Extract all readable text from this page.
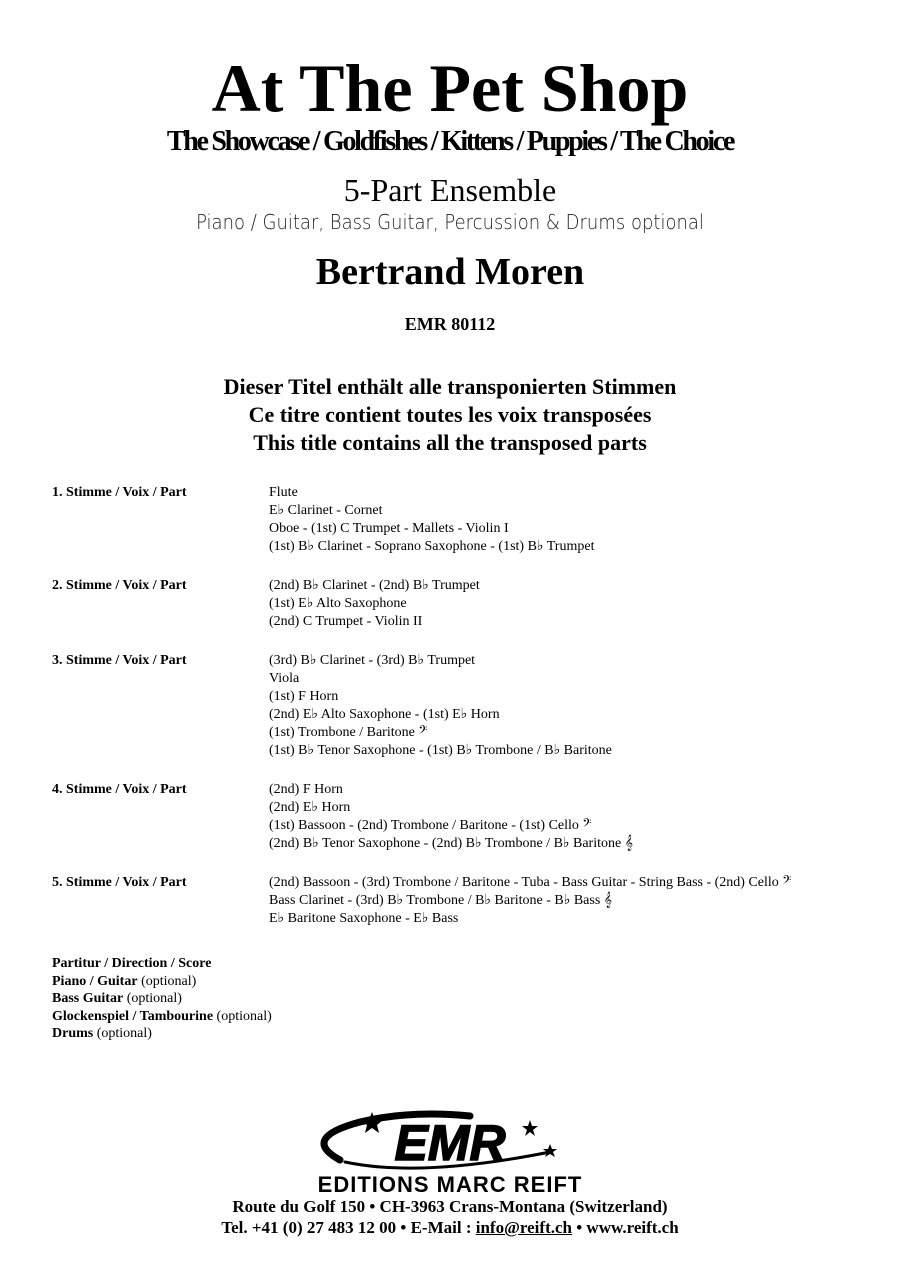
At The Pet Shop
The Showcase / Goldfishes / Kittens / Puppies / The Choice
5-Part Ensemble
Piano / Guitar, Bass Guitar, Percussion & Drums optional
Bertrand Moren
EMR 80112
Dieser Titel enthält alle transponierten Stimmen
Ce titre contient toutes les voix transposées
This title contains all the transposed parts
1. Stimme / Voix / Part	Flute
E♭ Clarinet - Cornet
Oboe - (1st) C Trumpet - Mallets - Violin I
(1st) B♭ Clarinet - Soprano Saxophone - (1st) B♭ Trumpet
2. Stimme / Voix / Part	(2nd) B♭ Clarinet - (2nd) B♭ Trumpet
(1st) E♭ Alto Saxophone
(2nd) C Trumpet - Violin II
3. Stimme / Voix / Part	(3rd) B♭ Clarinet - (3rd) B♭ Trumpet
Viola
(1st) F Horn
(2nd) E♭ Alto Saxophone - (1st) E♭ Horn
(1st) Trombone / Baritone 𝄢
(1st) B♭ Tenor Saxophone - (1st) B♭ Trombone / B♭ Baritone
4. Stimme / Voix / Part	(2nd) F Horn
(2nd) E♭ Horn
(1st) Bassoon - (2nd) Trombone / Baritone - (1st) Cello 𝄢
(2nd) B♭ Tenor Saxophone - (2nd) B♭ Trombone / B♭ Baritone 𝄞
5. Stimme / Voix / Part	(2nd) Bassoon - (3rd) Trombone / Baritone - Tuba - Bass Guitar - String Bass - (2nd) Cello 𝄢
Bass Clarinet - (3rd) B♭ Trombone / B♭ Baritone - B♭ Bass 𝄞
E♭ Baritone Saxophone - E♭ Bass
Partitur / Direction / Score
Piano / Guitar (optional)
Bass Guitar (optional)
Glockenspiel / Tambourine (optional)
Drums (optional)
EMR
EDITIONS MARC REIFT
Route du Golf 150 • CH-3963 Crans-Montana (Switzerland)
Tel. +41 (0) 27 483 12 00 • E-Mail : info@reift.ch • www.reift.ch
